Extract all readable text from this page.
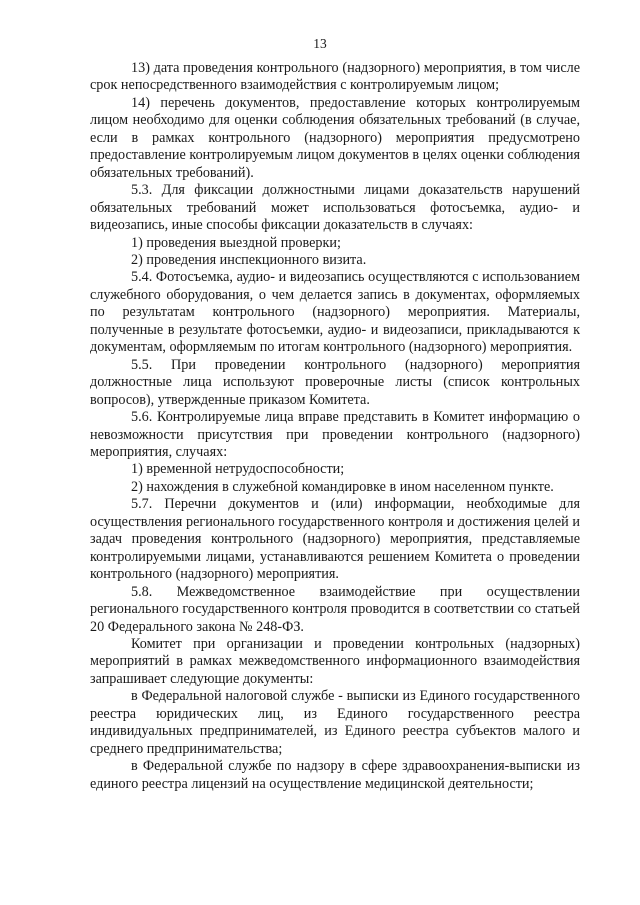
13

13) дата проведения контрольного (надзорного) мероприятия, в том числе срок непосредственного взаимодействия с контролируемым лицом;

14) перечень документов, предоставление которых контролируемым лицом необходимо для оценки соблюдения обязательных требований (в случае, если в рамках контрольного (надзорного) мероприятия предусмотрено предоставление контролируемым лицом документов в целях оценки соблюдения обязательных требований).

5.3. Для фиксации должностными лицами доказательств нарушений обязательных требований может использоваться фотосъемка, аудио- и видеозапись, иные способы фиксации доказательств в случаях:

1) проведения выездной проверки;

2) проведения инспекционного визита.

5.4. Фотосъемка, аудио- и видеозапись осуществляются с использованием служебного оборудования, о чем делается запись в документах, оформляемых по результатам контрольного (надзорного) мероприятия. Материалы, полученные в результате фотосъемки, аудио- и видеозаписи, прикладываются к документам, оформляемым по итогам контрольного (надзорного) мероприятия.

5.5. При проведении контрольного (надзорного) мероприятия должностные лица используют проверочные листы (список контрольных вопросов), утвержденные приказом Комитета.

5.6. Контролируемые лица вправе представить в Комитет информацию о невозможности присутствия при проведении контрольного (надзорного) мероприятия, случаях:

1) временной нетрудоспособности;

2) нахождения в служебной командировке в ином населенном пункте.

5.7. Перечни документов и (или) информации, необходимые для осуществления регионального государственного контроля и достижения целей и задач проведения контрольного (надзорного) мероприятия, представляемые контролируемыми лицами, устанавливаются решением Комитета о проведении контрольного (надзорного) мероприятия.

5.8. Межведомственное взаимодействие при осуществлении регионального государственного контроля проводится в соответствии со статьей 20 Федерального закона № 248-ФЗ.

Комитет при организации и проведении контрольных (надзорных) мероприятий в рамках межведомственного информационного взаимодействия запрашивает следующие документы:

в Федеральной налоговой службе - выписки из Единого государственного реестра юридических лиц, из Единого государственного реестра индивидуальных предпринимателей, из Единого реестра субъектов малого и среднего предпринимательства;

в Федеральной службе по надзору в сфере здравоохранения-выписки из единого реестра лицензий на осуществление медицинской деятельности;
